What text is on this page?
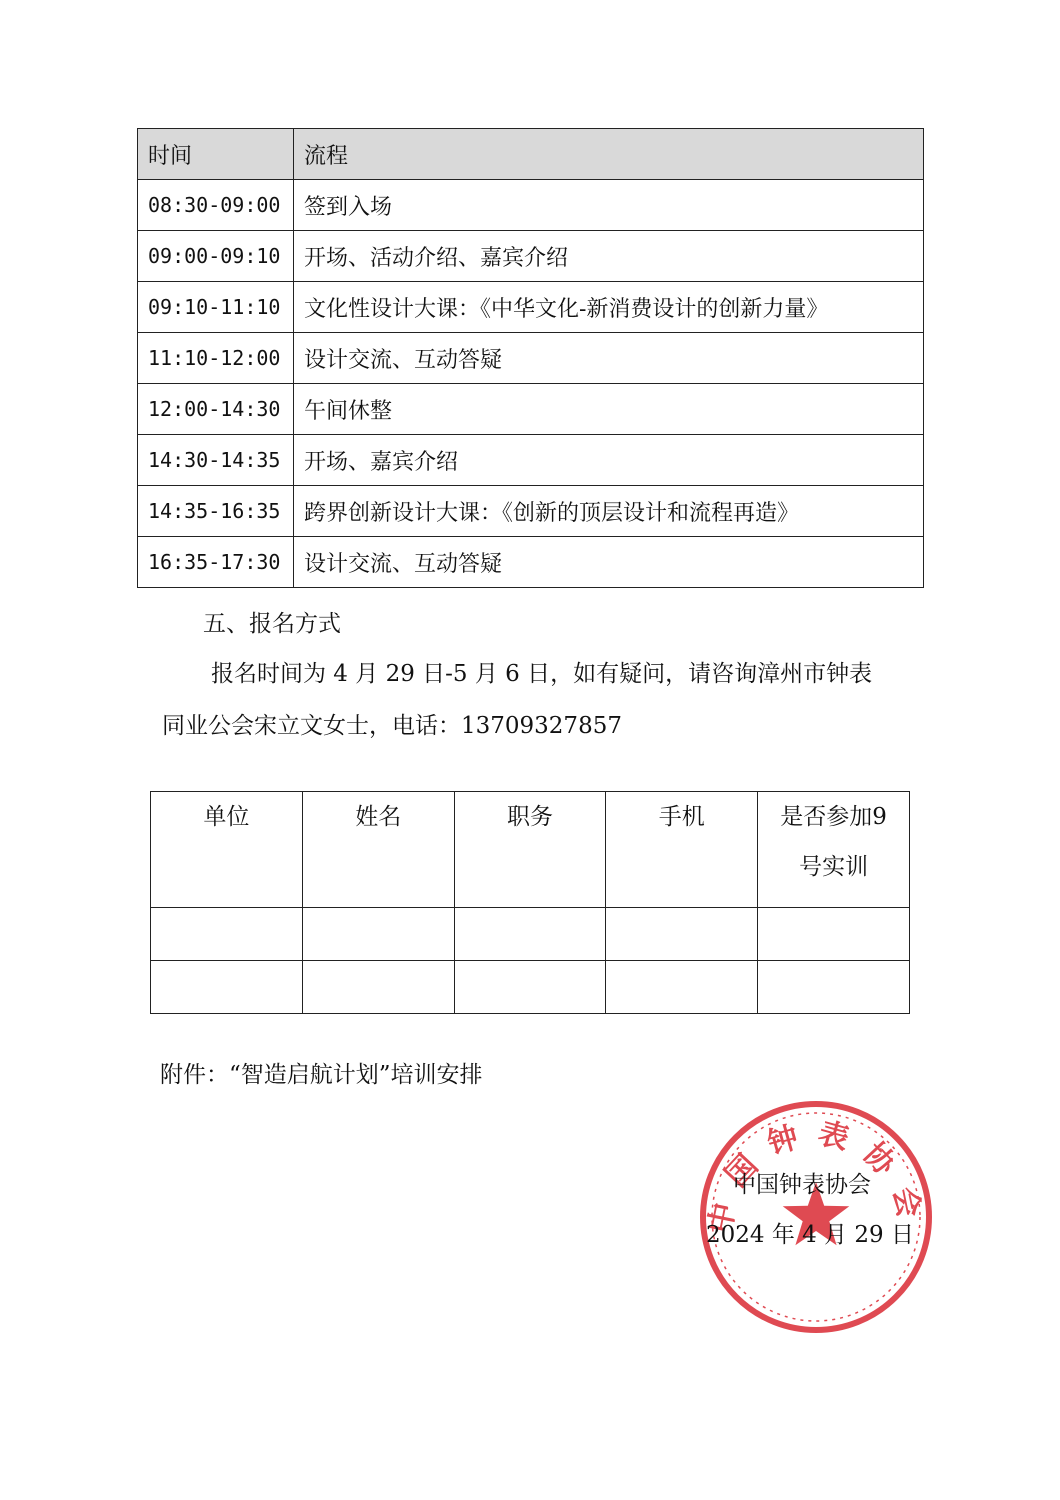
时间	流程
08:30-09:00	签到入场
09:00-09:10	开场、活动介绍、嘉宾介绍
09:10-11:10	文化性设计大课：《中华文化-新消费设计的创新力量》
11:10-12:00	设计交流、互动答疑
12:00-14:30	午间休整
14:30-14:35	开场、嘉宾介绍
14:35-16:35	跨界创新设计大课：《创新的顶层设计和流程再造》
16:35-17:30	设计交流、互动答疑
五、报名方式
报名时间为 4 月 29 日-5 月 6 日，如有疑问，请咨询漳州市钟表
同业公会宋立文女士，电话：13709327857
单位	姓名	职务	手机	是否参加9
号实训

附件：“智造启航计划”培训安排
中国钟表协会
中国钟表协会
2024 年 4 月 29 日
